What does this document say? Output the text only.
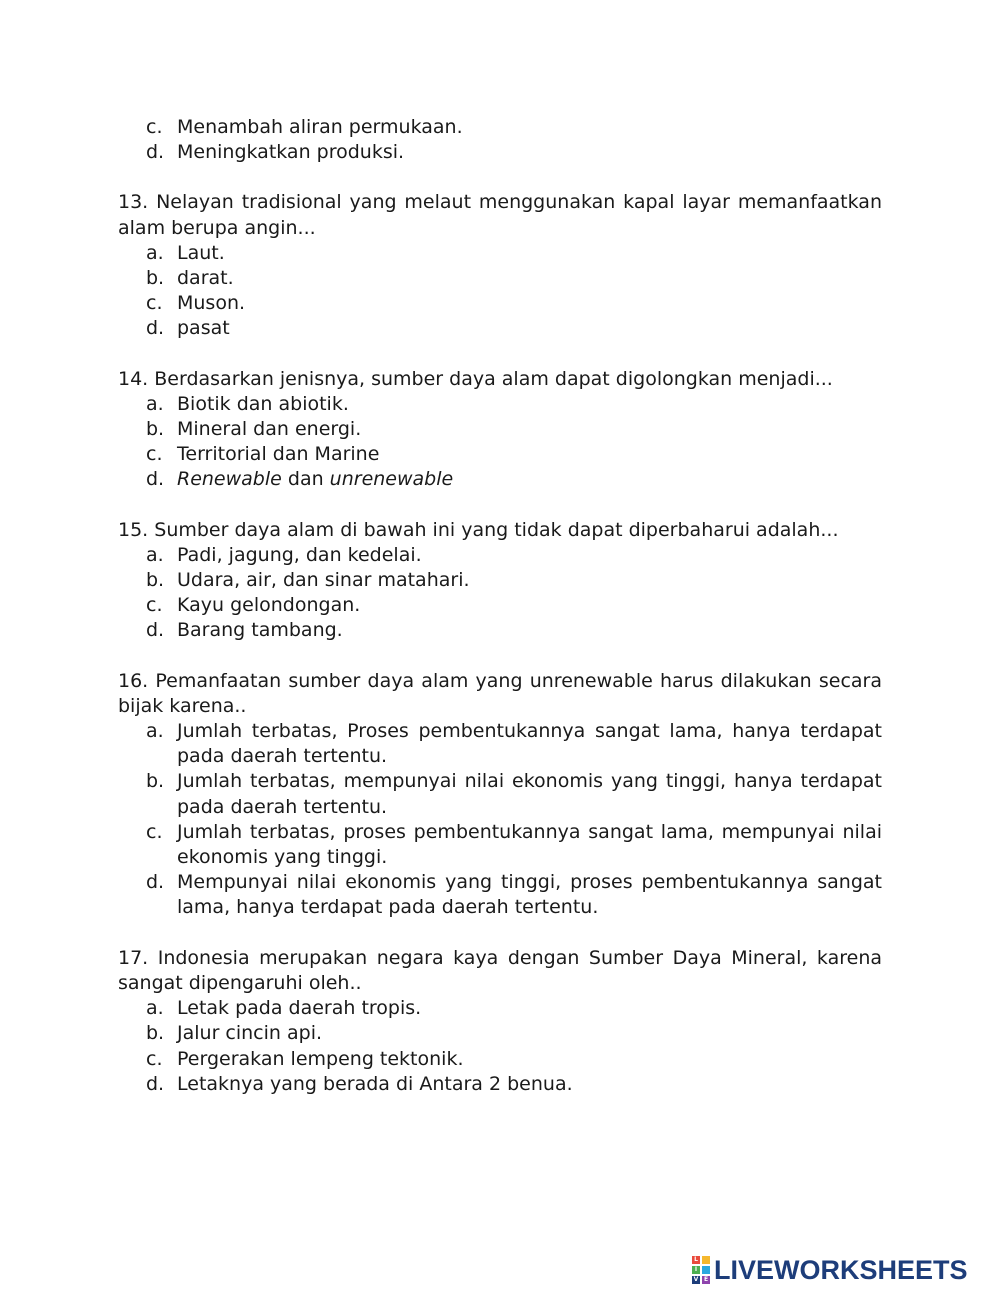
c. Menambah aliran permukaan.
d. Meningkatkan produksi.

13. Nelayan tradisional yang melaut menggunakan kapal layar memanfaatkan alam berupa angin...

a. Laut.
b. darat.
c. Muson.
d. pasat

14. Berdasarkan jenisnya, sumber daya alam dapat digolongkan menjadi...

a. Biotik dan abiotik.
b. Mineral dan energi.
c. Territorial dan Marine
d. Renewable dan unrenewable

15. Sumber daya alam di bawah ini yang tidak dapat diperbaharui adalah...

a. Padi, jagung, dan kedelai.
b. Udara, air, dan sinar matahari.
c. Kayu gelondongan.
d. Barang tambang.

16. Pemanfaatan sumber daya alam yang unrenewable harus dilakukan secara bijak karena..

a. Jumlah terbatas, Proses pembentukannya sangat lama, hanya terdapat pada daerah tertentu.
b. Jumlah terbatas, mempunyai nilai ekonomis yang tinggi, hanya terdapat pada daerah tertentu.
c. Jumlah terbatas, proses pembentukannya sangat lama, mempunyai nilai ekonomis yang tinggi.
d. Mempunyai nilai ekonomis yang tinggi, proses pembentukannya sangat lama, hanya terdapat pada daerah tertentu.

17. Indonesia merupakan negara kaya dengan Sumber Daya Mineral, karena sangat dipengaruhi oleh..

a. Letak pada daerah tropis.
b. Jalur cincin api.
c. Pergerakan lempeng tektonik.
d. Letaknya yang berada di Antara 2 benua.
L
I
V E LIVEWORKSHEETS
